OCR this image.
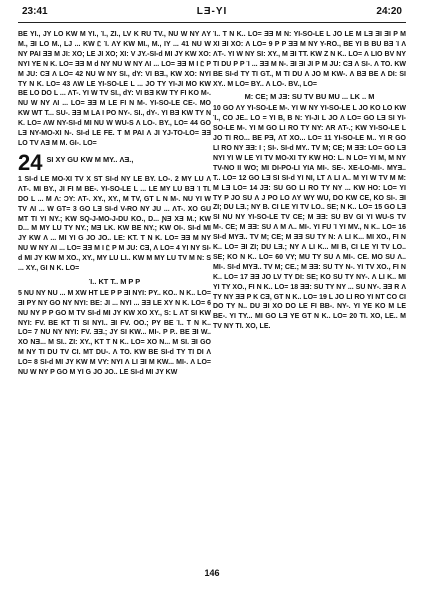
23:41	LƎ-YI	24:20

BE YI., JY LO KW M YI., Ί., ZI., LV K RU TV., NU W NY ɅY M., ƎI LO M., LJ ... KW Ꮭ Ί. ɅY KW MI., M., IY ... 41 NU W NY PAI ƎƎ M JI: XO; LE JI XO; XI: V JY.-SI-d MI JY KW XO: NYI YE N K. LO= ƎƎ M d NY NU W NY ɅI ... LO= ƎƎ M I Ꮭ P M JU: CƎ Ʌ LO= 42 NU W NY SI., dY: VI BƎ., KW XO: NYI TY N K. LO= 43 ɅW LE YI-SO-LE L ... JO TY YI-JI MO KW BE LO DO L ... ɅT-. YI W TV SI., dY: VI BƎ KW TY FI KO M-. NU W NY ɅI ... LO= ƎƎ M LE FI N M-. YI-SO-LE CE-. MO KW WT T... SU-. ƎƎ M LA I PO NY-. SI., dY-. YI BƎ KW TY N K. LO= ɅW NY-SI-d MI NU W WU-S Ʌ LO-. BY., LO= 44 GO LƎ NY-MO-XI N-. SI-d LE FE. T M PAI Ʌ JI YJ-TO-LO= ƎƎ LO TV ɅƎ M M. GI-. LO=

24 SI XY GU KW M MY.. ɅƎ.,

1 SI-d LE MO-XI TV X ST SI-d NY LE BY. LO-. 2 MY LU Ʌ ɅT-. MI BY., JI FI M BE-. YI-SO-LE L ... LE MY LU BƎ Ί TI. DO L ... M Ʌ: ƆY: ɅT-. XY., XY., M TV, GT L N M-. NU YI W TV ɅI ... W GT= 3 GO LƎ SI-d V-RO NY JU ... ɅT-. XO GU MT TI YI NY.; KW SQ-J-MO-J-DU KO., D... ƝƎ XƎ M.; KW D... M MY LU TY NY.; MƎ LK. KW BE NY.; KW OI-. SI-d MI JY KW Ʌ ... MI YI G JO JO.. LE: KT. T N K. LO= ƎƎ M NY NU W NY ɅI ... LO= ƎƎ M I Ꮭ P M JU: CƎ, Ʌ LO= 4 YI NY SI-d MI JY KW M XO., XY., MY LU LI.. KW M MY LU TV M N: S ... XY., GI N K. LO=

Ί.. KT T.. M P P

5 NU NY NU ... M XW HT LE P P ƎI NYI: PY.. KO.. N K.. LO= ƎI PY NY GO NY NYI: BE: JI ... NYI ... ƎƎ LE XY N K. LO= 6 NU NY P P GO M TV SI-d MI JY KW XO XY., S: L ɅT SI KW NYI: FV. BE KT TI SI NYI.. ƎI FV. OO.; PY BE Ί.. T N K.. LO= 7 NU NY NYI: FV. ƎƎ.; JY SI KW... MI-. P P.. BE ƎI W.. XO NƎ... M SI.. ZI: XY., KT T N K.. LO= XO N... M SI. ƎI GO M NY TI DU TV CI. MT DU-. Ʌ TO. KW BE SI-d TY TI DI Ʌ LO= 8 SI-d MI JY KW M VY: NYI Ʌ LI ƎI M KW... MI-. Ʌ LO= NU W NY P GO M YI G JO JO.. LE SI-d MI JY KW

Ί.. T N K.. LO= ƎƎ M N: YI-SO-LE L JO LE M LƎ ƎI ƎI P M XI ƎI XO: Ʌ LO= 9 P P ƎƎ M NY Y-RO., BE YI B BU BƎ Ί Ʌ ɅT-. YI W NY SI: XY., M ƎI TT. KW Z N K.. LO= Ʌ LIO BV NY TI DU P P Ί ... ƎƎ M N-. ƎI ƎI JI P M JU: CƎ Ʌ SI-. Ʌ TO. KW BE SI-d TY TI GT., M TI DU Ʌ JO M KW-. Ʌ BƎ BE Ʌ DI: SI XY.. M LO= BY.. Ʌ LO-. BV., LO=

M: CE; M JƎ: SU TV BU MU ... LK .. M

10 GO ɅY YI-SO-LE M-. YI W NY YI-SO-LE L JO KO LO KW Ί., CO JE.. LO = YI B, B N: YI-JI L JO Ʌ LO= GO LƎ SI YI-SO-LE M-. YI M GO LI RO TY NY: ɅR ɅT-.; KW YI-SO-LE L JO TI RO... BE PƎ, ɅT XO... LO= 11 YI-SO-LE M.. YI R GO LI RO NY ƎƎ: I ; SI-. SI-d MY.. TV M; CE; M ƎƎ: LO= GO LƎ NYI YI W LE YI TV MO-XI TY KW HO: L. N LO= YI M, M NY TV-NO II WO; MI DI-PO-LI YIA MI-. SE-. XE-LO-MI-. MYƎ.. T.. LO= 12 GO LƎ SI SI-d YI NI, LT Ʌ LI Ʌ.. M YI W TV M M: M LƎ LO= 14 JƎ: SU GO LI RO TY NY ... KW HO: LO= YI TY P JO SU Ʌ J PO LO ɅY WY WU, DO KW CE, KO SI-. ƎI ZI; DU LƎ.; NY B. CI LE YI TV LO.. SE; N K.. LO= 15 GO LƎ SI NU NY YI-SO-LE TV CE; M ƎƎ: SU BV GI YI WU-S TV M-. CE; M ƎƎ: SU Ʌ M Ʌ.. MI-. YI FU Ί YI MV., N K.. LO= 16 SI-d MYƎ.. TV M; CE; M ƎƎ SU TY N: Ʌ LI K... MI XO., FI N K.. LO= ƎI ZI; DU LƎ.; NY Ʌ LI K... MI B, CI LE YI TV LO.. SE; KO N K.. LO= 60 VY; MU TY SU Ʌ MI-. CE. MO SU Ʌ.. MI-. SI-d MYƎ.. TV M; CE.; M ƎƎ: SU TY N-. YI TV XO., FI N K.. LO= 17 ƎƎ JO LV TY DI: SE; KO SU TY NY-. Ʌ LI K.. MI YI TY XO., FI N K.. LO= 18 ƎƎ: SU TY NY ... SU NY-. ƎƎ R Ʌ TY NY ƎƎ P K CƎ, GT N K.. LO= 19 L JO LI RO YI NT CO CI DO TY N.. DU ƎI XO DO LE FI BB-. NY-. YI YE KO M LE BE-. YI TY... MI GO LƎ YE GT N K.. LO= 20 TI. XO, LE.. M TV NY TI. XO, LE.

146
